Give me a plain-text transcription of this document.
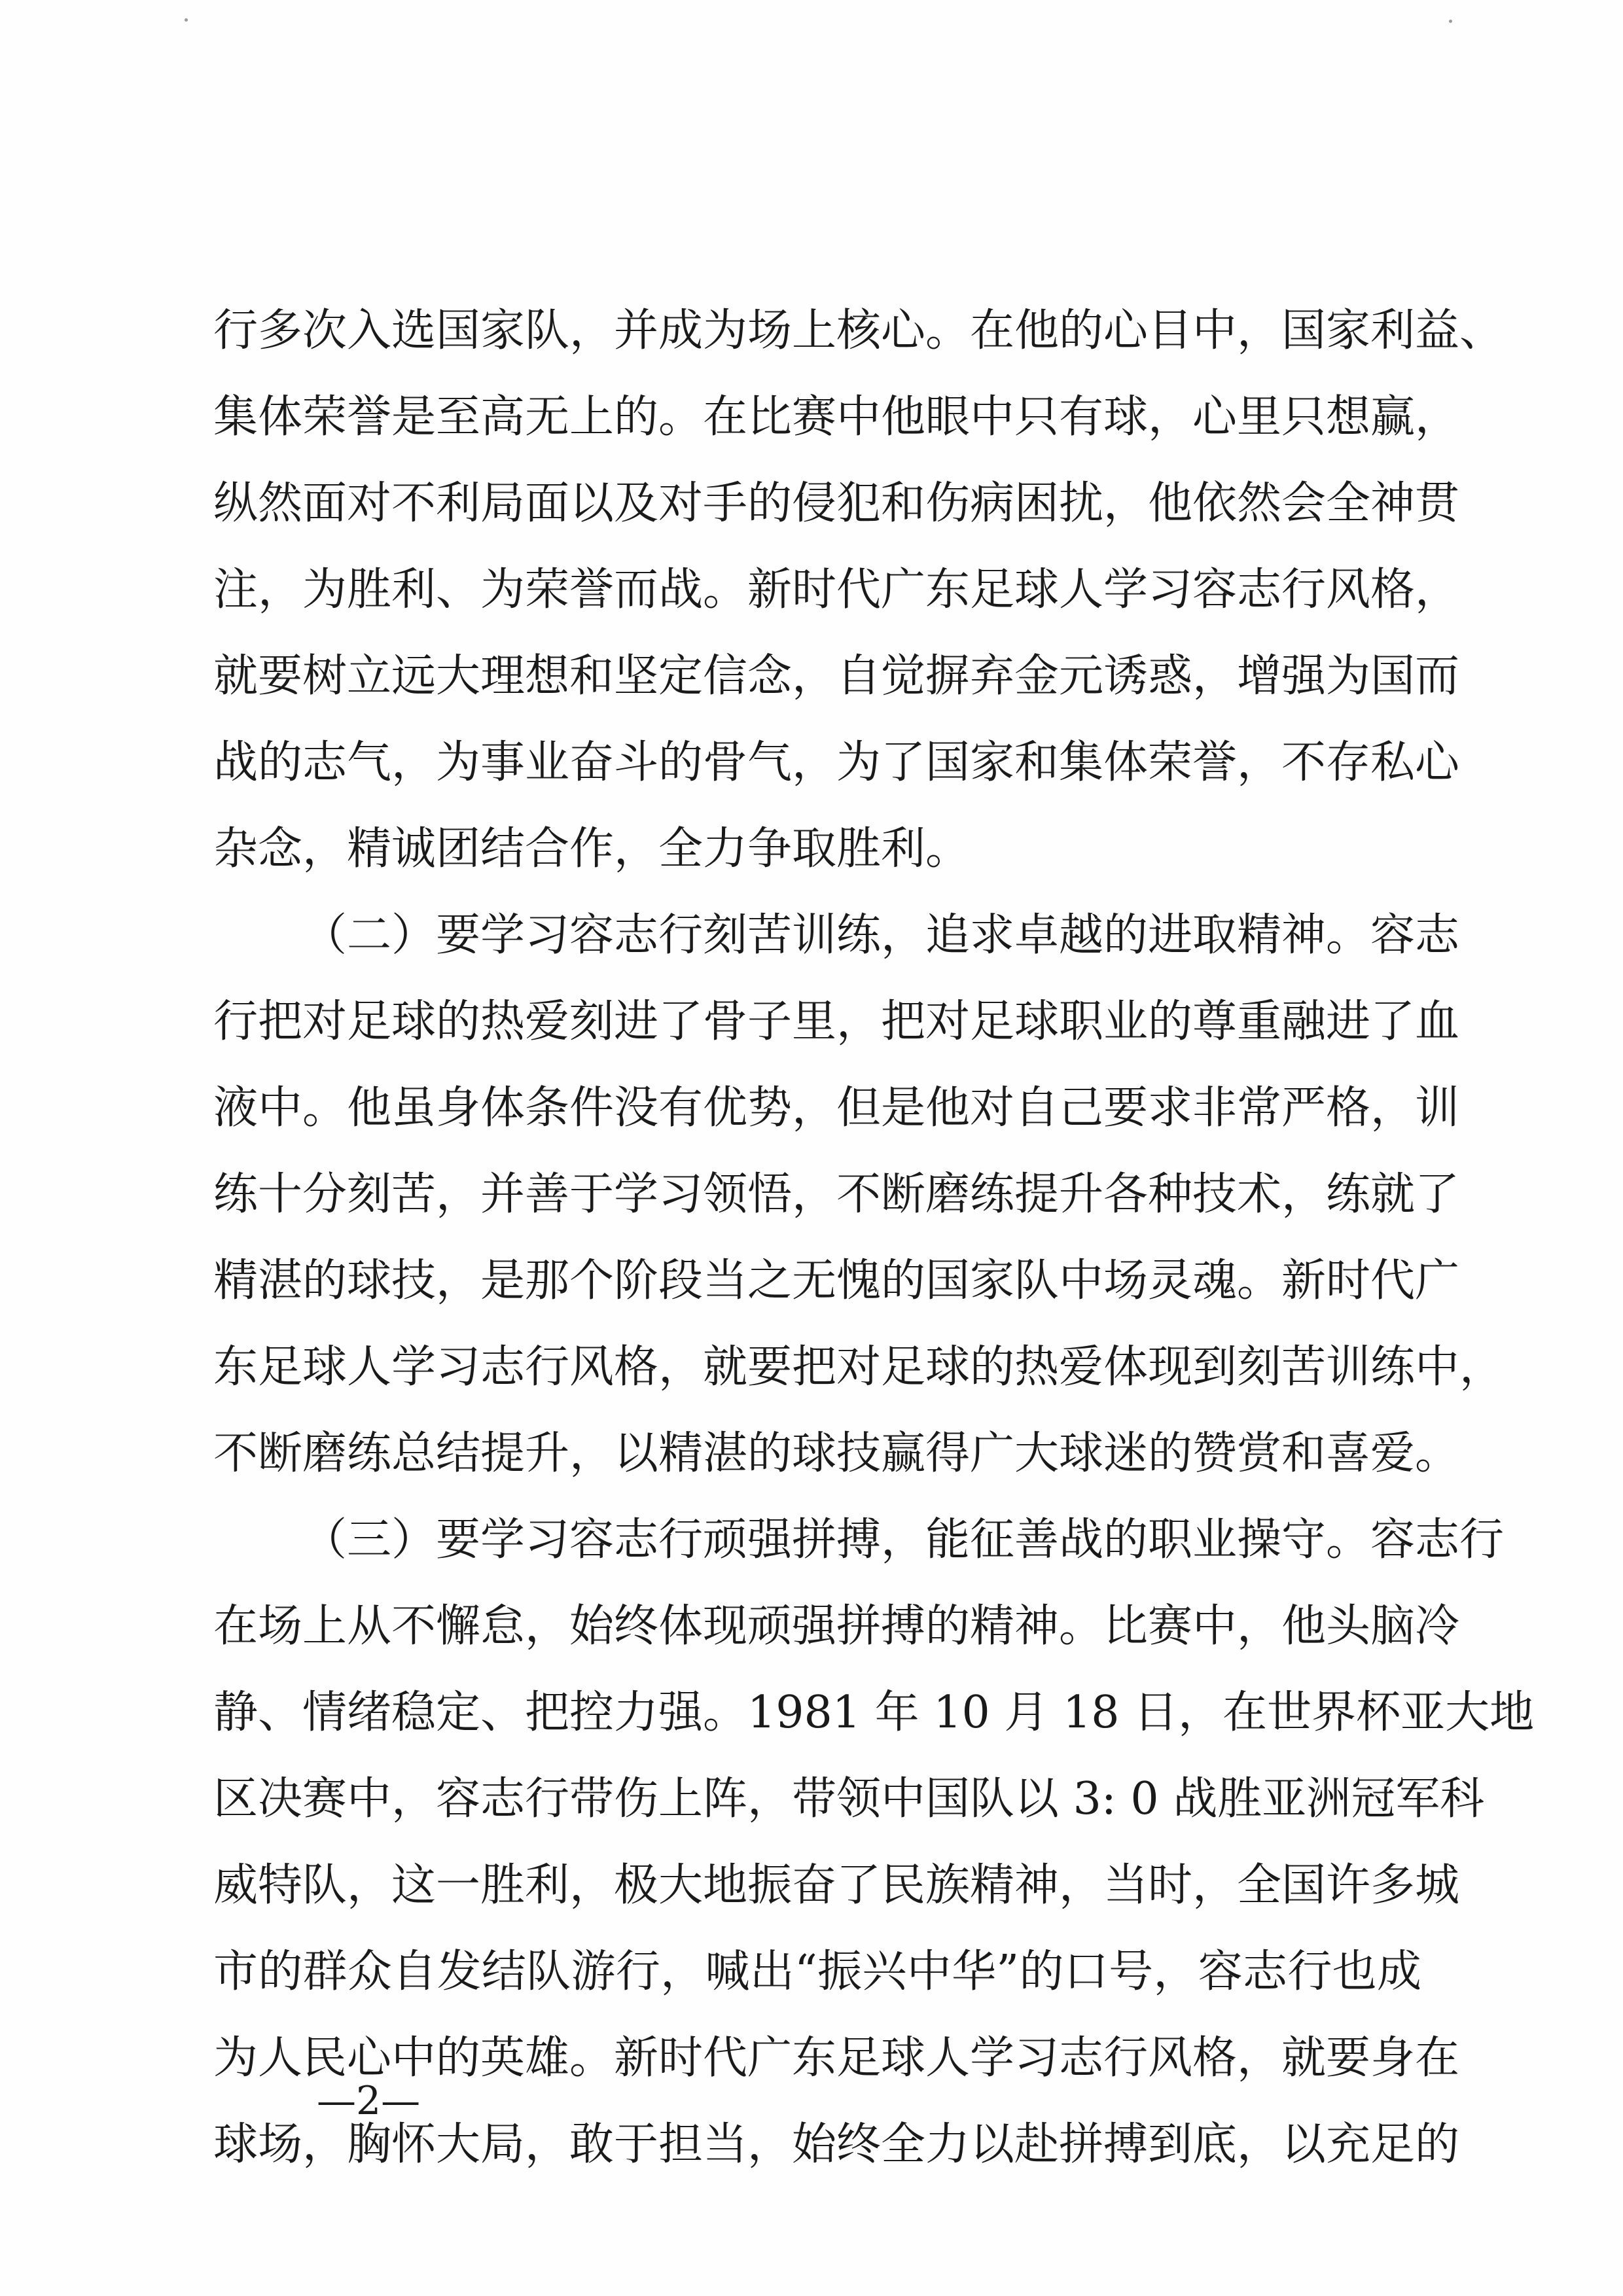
行多次入选国家队，并成为场上核心。在他的心目中，国家利益、
集体荣誉是至高无上的。在比赛中他眼中只有球，心里只想赢，
纵然面对不利局面以及对手的侵犯和伤病困扰，他依然会全神贯
注，为胜利、为荣誉而战。新时代广东足球人学习容志行风格，
就要树立远大理想和坚定信念，自觉摒弃金元诱惑，增强为国而
战的志气，为事业奋斗的骨气，为了国家和集体荣誉，不存私心
杂念，精诚团结合作，全力争取胜利。
（二）要学习容志行刻苦训练，追求卓越的进取精神。容志
行把对足球的热爱刻进了骨子里，把对足球职业的尊重融进了血
液中。他虽身体条件没有优势，但是他对自己要求非常严格，训
练十分刻苦，并善于学习领悟，不断磨练提升各种技术，练就了
精湛的球技，是那个阶段当之无愧的国家队中场灵魂。新时代广
东足球人学习志行风格，就要把对足球的热爱体现到刻苦训练中，
不断磨练总结提升，以精湛的球技赢得广大球迷的赞赏和喜爱。
（三）要学习容志行顽强拼搏，能征善战的职业操守。容志行
在场上从不懈怠，始终体现顽强拼搏的精神。比赛中，他头脑冷
静、情绪稳定、把控力强。1981 年 10 月 18 日，在世界杯亚大地
区决赛中，容志行带伤上阵，带领中国队以 3: 0 战胜亚洲冠军科
威特队，这一胜利，极大地振奋了民族精神，当时，全国许多城
市的群众自发结队游行，喊出“振兴中华”的口号，容志行也成
为人民心中的英雄。新时代广东足球人学习志行风格，就要身在
球场，胸怀大局，敢于担当，始终全力以赴拼搏到底，以充足的
—2—
